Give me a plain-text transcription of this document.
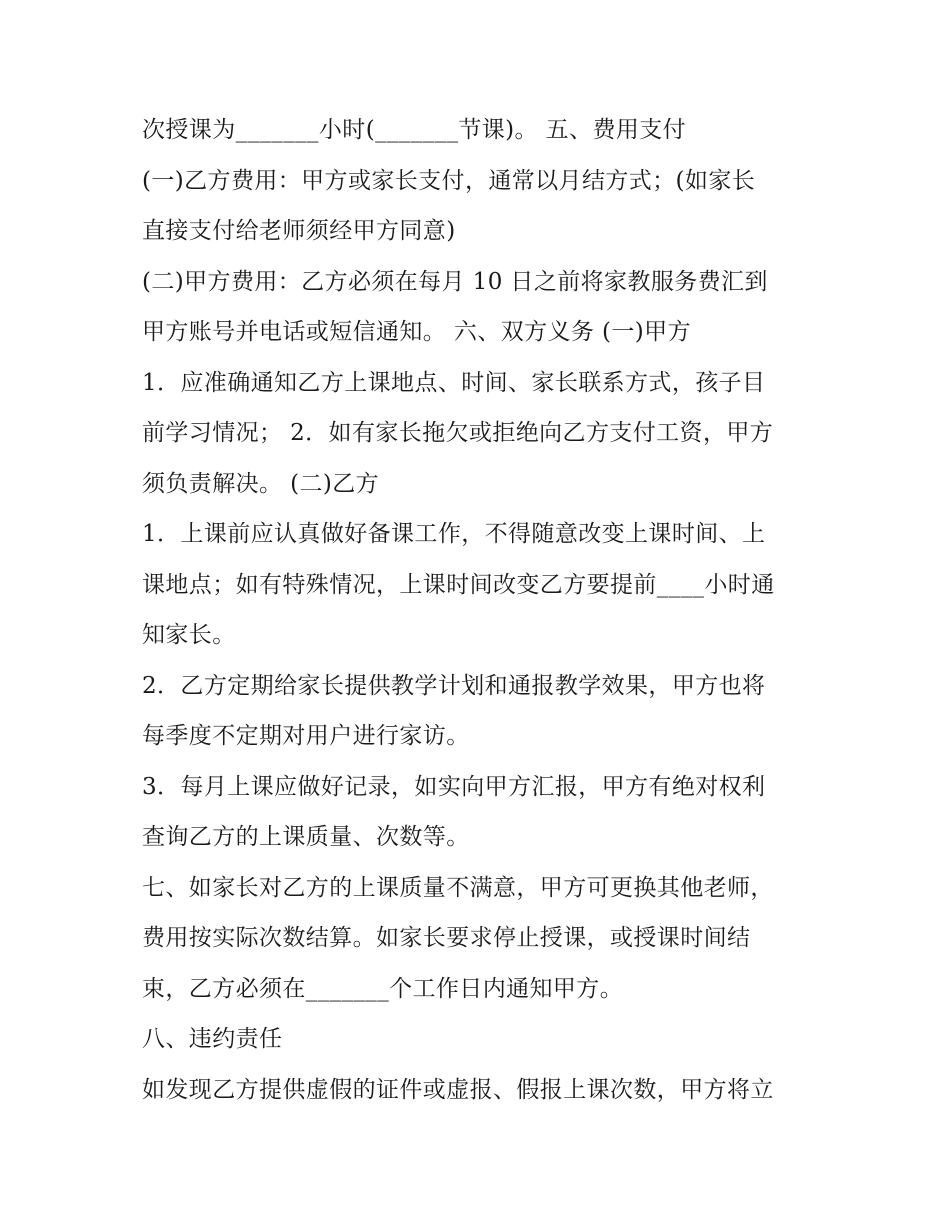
次授课为_______小时(_______节课)。 五、费用支付
(一)乙方费用：甲方或家长支付，通常以月结方式；(如家长
直接支付给老师须经甲方同意)
(二)甲方费用：乙方必须在每月 10 日之前将家教服务费汇到
甲方账号并电话或短信通知。 六、双方义务 (一)甲方
1．应准确通知乙方上课地点、时间、家长联系方式，孩子目
前学习情况； 2．如有家长拖欠或拒绝向乙方支付工资，甲方
须负责解决。 (二)乙方
1．上课前应认真做好备课工作，不得随意改变上课时间、上
课地点；如有特殊情况，上课时间改变乙方要提前____小时通
知家长。
2．乙方定期给家长提供教学计划和通报教学效果，甲方也将
每季度不定期对用户进行家访。
3．每月上课应做好记录，如实向甲方汇报，甲方有绝对权利
查询乙方的上课质量、次数等。
七、如家长对乙方的上课质量不满意，甲方可更换其他老师，
费用按实际次数结算。如家长要求停止授课，或授课时间结
束，乙方必须在_______个工作日内通知甲方。
八、违约责任
如发现乙方提供虚假的证件或虚报、假报上课次数，甲方将立
